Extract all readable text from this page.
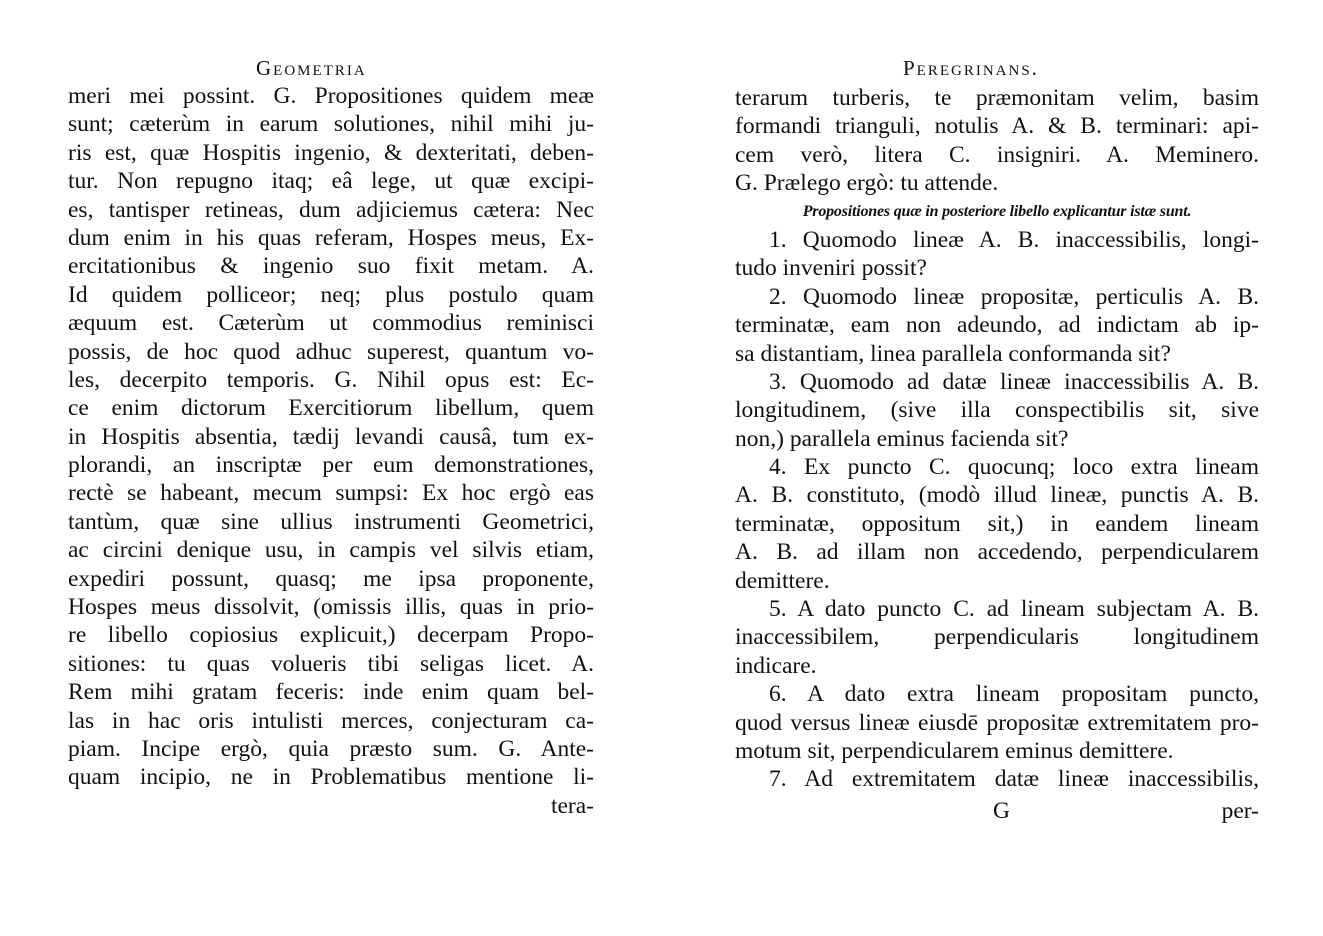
Geometria
meri mei possint. G. Propositiones quidem meæ
sunt; cæterùm in earum solutiones, nihil mihi ju-
ris est, quæ Hospitis ingenio, & dexteritati, deben-
tur. Non repugno itaq; eâ lege, ut quæ excipi-
es, tantisper retineas, dum adjiciemus cætera: Nec
dum enim in his quas referam, Hospes meus, Ex-
ercitationibus & ingenio suo fixit metam. A.
Id quidem polliceor; neq; plus postulo quam
æquum est. Cæterùm ut commodius reminisci
possis, de hoc quod adhuc superest, quantum vo-
les, decerpito temporis. G. Nihil opus est: Ec-
ce enim dictorum Exercitiorum libellum, quem
in Hospitis absentia, tædij levandi causâ, tum ex-
plorandi, an inscriptæ per eum demonstrationes,
rectè se habeant, mecum sumpsi: Ex hoc ergò eas
tantùm, quæ sine ullius instrumenti Geometrici,
ac circini denique usu, in campis vel silvis etiam,
expediri possunt, quasq; me ipsa proponente,
Hospes meus dissolvit, (omissis illis, quas in prio-
re libello copiosius explicuit,) decerpam Propo-
sitiones: tu quas volueris tibi seligas licet. A.
Rem mihi gratam feceris: inde enim quam bel-
las in hac oris intulisti merces, conjecturam ca-
piam. Incipe ergò, quia præsto sum. G. Ante-
quam incipio, ne in Problematibus mentione li-
tera-
Peregrinans.
terarum turberis, te præmonitam velim, basim
formandi trianguli, notulis A. & B. terminari: api-
cem verò, litera C. insigniri. A. Meminero.
G. Prælego ergò: tu attende.
Propositiones quæ in posteriore libello explicantur istæ sunt.
1. Quomodo lineæ A. B. inaccessibilis, longi-
tudo inveniri possit?
2. Quomodo lineæ propositæ, perticulis A. B.
terminatæ, eam non adeundo, ad indictam ab ip-
sa distantiam, linea parallela conformanda sit?
3. Quomodo ad datæ lineæ inaccessibilis A. B.
longitudinem, (sive illa conspectibilis sit, sive
non,) parallela eminus facienda sit?
4. Ex puncto C. quocunq; loco extra lineam
A. B. constituto, (modò illud lineæ, punctis A. B.
terminatæ, oppositum sit,) in eandem lineam
A. B. ad illam non accedendo, perpendicularem
demittere.
5. A dato puncto C. ad lineam subjectam A. B.
inaccessibilem, perpendicularis longitudinem
indicare.
6. A dato extra lineam propositam puncto,
quod versus lineæ eiusdē propositæ extremitatem pro-
motum sit, perpendicularem eminus demittere.
7. Ad extremitatem datæ lineæ inaccessibilis,
G	per-
